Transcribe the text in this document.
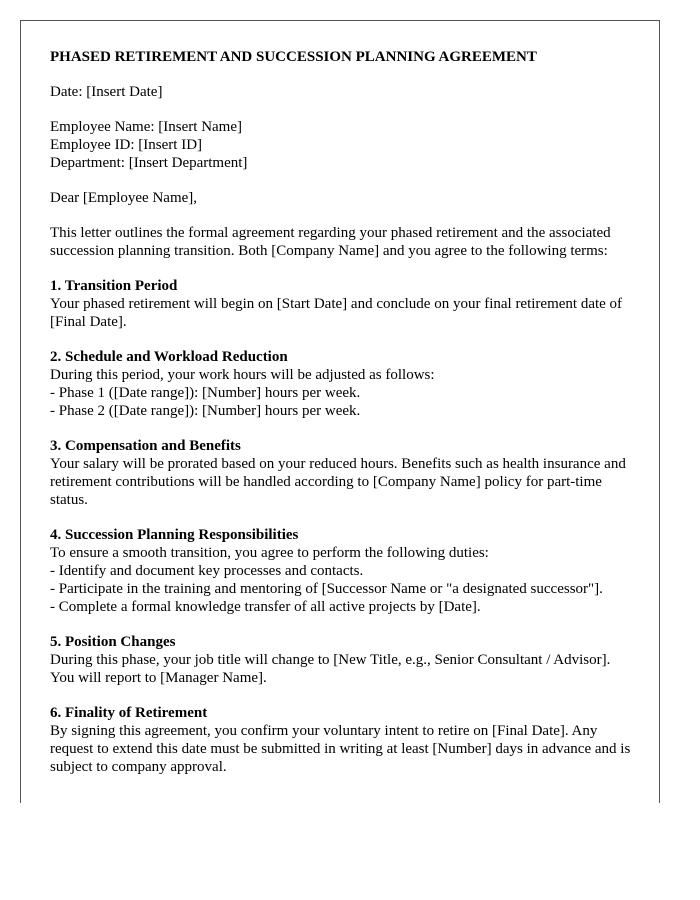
PHASED RETIREMENT AND SUCCESSION PLANNING AGREEMENT

Date: [Insert Date]

Employee Name: [Insert Name]
Employee ID: [Insert ID]
Department: [Insert Department]

Dear [Employee Name],

This letter outlines the formal agreement regarding your phased retirement and the associated succession planning transition. Both [Company Name] and you agree to the following terms:

1. Transition Period
Your phased retirement will begin on [Start Date] and conclude on your final retirement date of [Final Date].
2. Schedule and Workload Reduction
During this period, your work hours will be adjusted as follows:
- Phase 1 ([Date range]): [Number] hours per week.
- Phase 2 ([Date range]): [Number] hours per week.
3. Compensation and Benefits
Your salary will be prorated based on your reduced hours. Benefits such as health insurance and retirement contributions will be handled according to [Company Name] policy for part-time status.
4. Succession Planning Responsibilities
To ensure a smooth transition, you agree to perform the following duties:
- Identify and document key processes and contacts.
- Participate in the training and mentoring of [Successor Name or "a designated successor"].
- Complete a formal knowledge transfer of all active projects by [Date].
5. Position Changes
During this phase, your job title will change to [New Title, e.g., Senior Consultant / Advisor]. You will report to [Manager Name].
6. Finality of Retirement
By signing this agreement, you confirm your voluntary intent to retire on [Final Date]. Any request to extend this date must be submitted in writing at least [Number] days in advance and is subject to company approval.
